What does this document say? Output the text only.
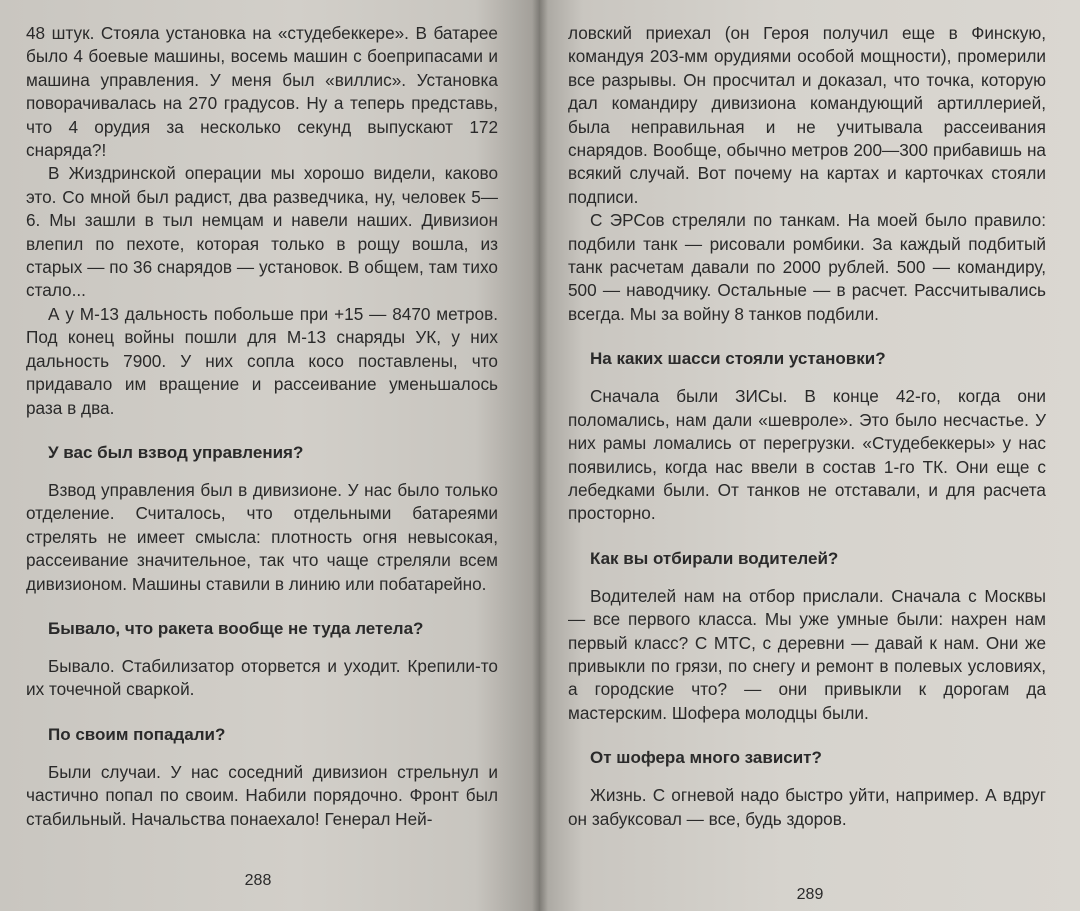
48 штук. Стояла установка на «студебеккере». В батарее было 4 боевые машины, восемь машин с боеприпасами и машина управления. У меня был «виллис». Установка поворачивалась на 270 градусов. Ну а теперь представь, что 4 орудия за несколько секунд выпускают 172 снаряда?!

В Жиздринской операции мы хорошо видели, каково это. Со мной был радист, два разведчика, ну, человек 5—6. Мы зашли в тыл немцам и навели наших. Дивизион влепил по пехоте, которая только в рощу вошла, из старых — по 36 снарядов — установок. В общем, там тихо стало...

А у М-13 дальность побольше при +15 — 8470 метров. Под конец войны пошли для М-13 снаряды УК, у них дальность 7900. У них сопла косо поставлены, что придавало им вращение и рассеивание уменьшалось раза в два.

У вас был взвод управления?

Взвод управления был в дивизионе. У нас было только отделение. Считалось, что отдельными батареями стрелять не имеет смысла: плотность огня невысокая, рассеивание значительное, так что чаще стреляли всем дивизионом. Машины ставили в линию или побатарейно.

Бывало, что ракета вообще не туда летела?

Бывало. Стабилизатор оторвется и уходит. Крепили-то их точечной сваркой.

По своим попадали?

Были случаи. У нас соседний дивизион стрельнул и частично попал по своим. Набили порядочно. Фронт был стабильный. Начальства понаехало! Генерал Ней-

288

ловский приехал (он Героя получил еще в Финскую, командуя 203-мм орудиями особой мощности), промерили все разрывы. Он просчитал и доказал, что точка, которую дал командиру дивизиона командующий артиллерией, была неправильная и не учитывала рассеивания снарядов. Вообще, обычно метров 200—300 прибавишь на всякий случай. Вот почему на картах и карточках стояли подписи.

С ЭРСов стреляли по танкам. На моей было правило: подбили танк — рисовали ромбики. За каждый подбитый танк расчетам давали по 2000 рублей. 500 — командиру, 500 — наводчику. Остальные — в расчет. Рассчитывались всегда. Мы за войну 8 танков подбили.

На каких шасси стояли установки?

Сначала были ЗИСы. В конце 42-го, когда они поломались, нам дали «шевроле». Это было несчастье. У них рамы ломались от перегрузки. «Студебеккеры» у нас появились, когда нас ввели в состав 1-го ТК. Они еще с лебедками были. От танков не отставали, и для расчета просторно.

Как вы отбирали водителей?

Водителей нам на отбор прислали. Сначала с Москвы — все первого класса. Мы уже умные были: нахрен нам первый класс? С МТС, с деревни — давай к нам. Они же привыкли по грязи, по снегу и ремонт в полевых условиях, а городские что? — они привыкли к дорогам да мастерским. Шофера молодцы были.

От шофера много зависит?

Жизнь. С огневой надо быстро уйти, например. А вдруг он забуксовал — все, будь здоров.

289
